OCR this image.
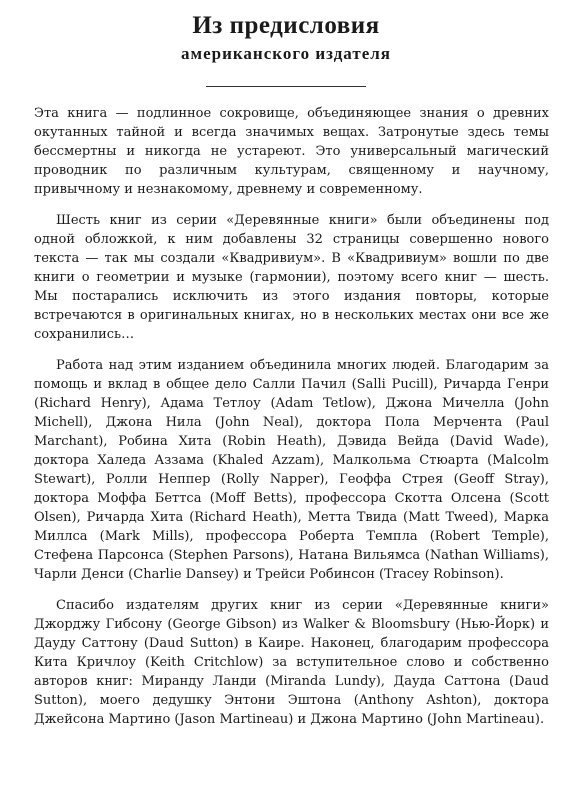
Из предисловия
американского издателя

Эта книга — подлинное сокровище, объединяющее знания о древних окутанных тайной и всегда значимых вещах. Затронутые здесь темы бессмертны и никогда не устареют. Это универсальный магический проводник по различным культурам, священному и научному, привычному и незнакомому, древнему и современному.

Шесть книг из серии «Деревянные книги» были объединены под одной обложкой, к ним добавлены 32 страницы совершенно нового текста — так мы создали «Квадривиум». В «Квадривиум» вошли по две книги о геометрии и музыке (гармонии), поэтому всего книг — шесть. Мы постарались исключить из этого издания повторы, которые встречаются в оригинальных книгах, но в нескольких местах они все же сохранились…

Работа над этим изданием объединила многих людей. Благодарим за помощь и вклад в общее дело Салли Пачил (Salli Pucill), Ричарда Генри (Richard Henry), Адама Тетлоу (Adam Tetlow), Джона Мичелла (John Michell), Джона Нила (John Neal), доктора Пола Мерчента (Paul Marchant), Робина Хита (Robin Heath), Дэвида Вейда (David Wade), доктора Халеда Аззама (Khaled Azzam), Малкольма Стюарта (Malcolm Stewart), Ролли Неппер (Rolly Napper), Геоффа Стрея (Geoff Stray), доктора Моффа Беттса (Moff Betts), профессора Скотта Олсена (Scott Olsen), Ричарда Хита (Richard Heath), Метта Твида (Matt Tweed), Марка Миллса (Mark Mills), профессора Роберта Темпла (Robert Temple), Стефена Парсонса (Stephen Parsons), Натана Вильямса (Nathan Williams), Чарли Денси (Charlie Dansey) и Трейси Робинсон (Tracey Robinson).

Спасибо издателям других книг из серии «Деревянные книги» Джорджу Гибсону (George Gibson) из Walker & Bloomsbury (Нью-Йорк) и Дауду Саттону (Daud Sutton) в Каире. Наконец, благодарим профессора Кита Кричлоу (Keith Critchlow) за вступительное слово и собственно авторов книг: Миранду Ланди (Miranda Lundy), Дауда Саттона (Daud Sutton), моего дедушку Энтони Эштона (Anthony Ashton), доктора Джейсона Мартино (Jason Martineau) и Джона Мартино (John Martineau).
